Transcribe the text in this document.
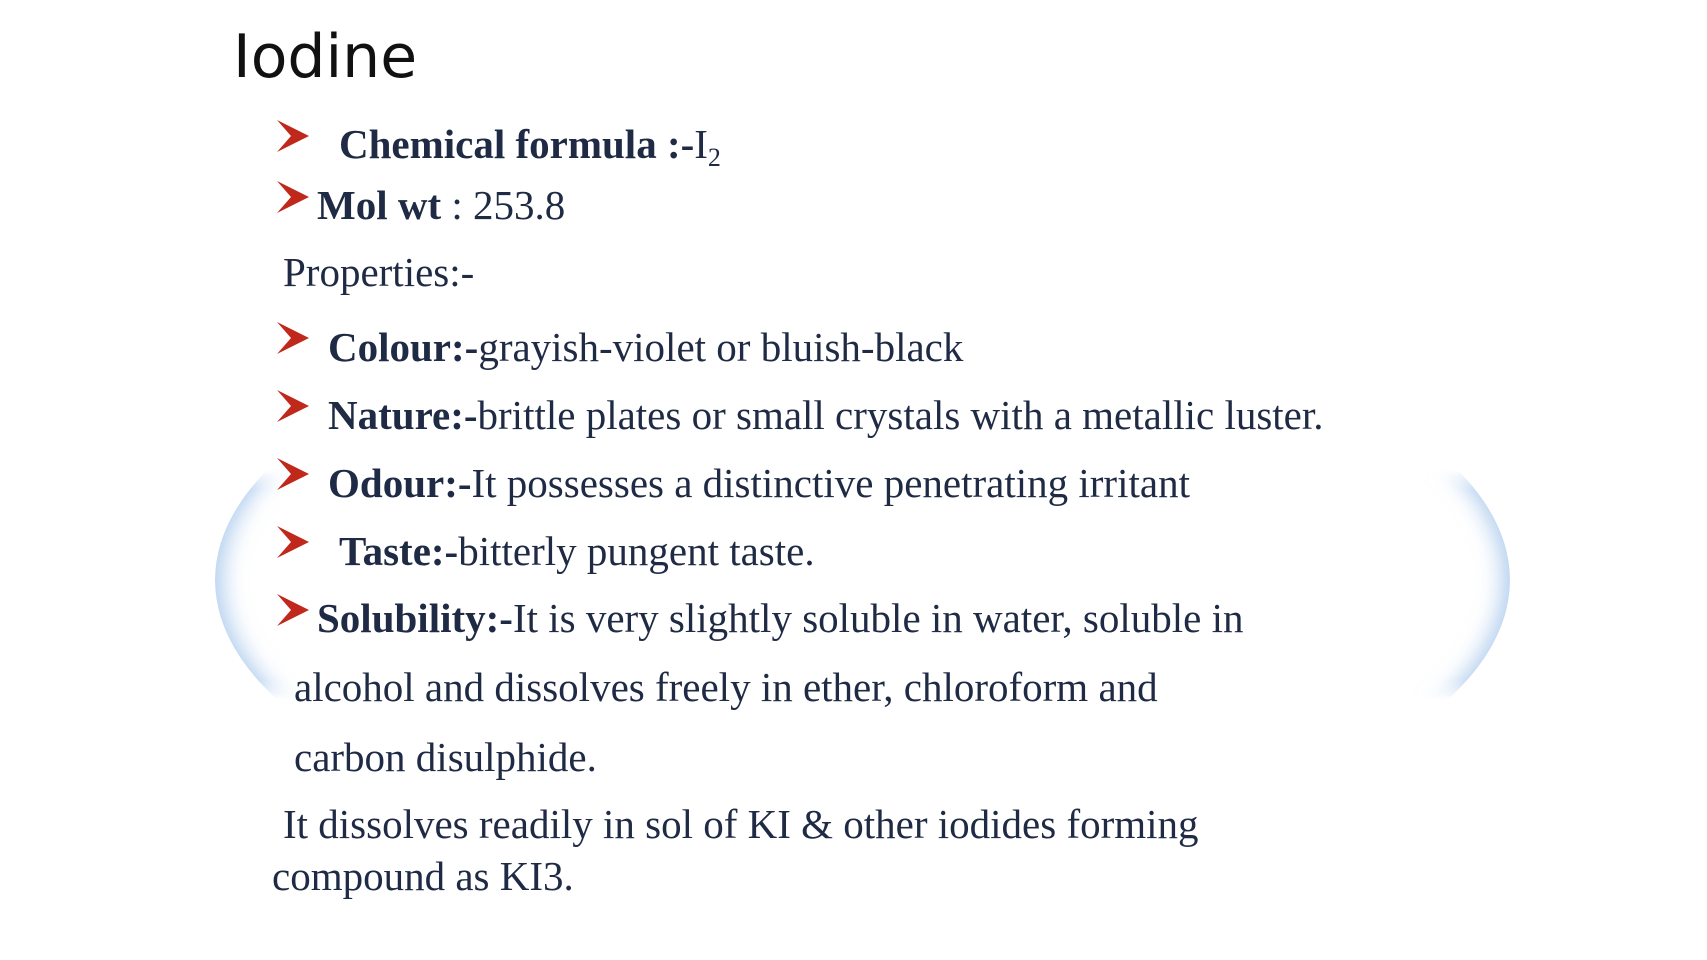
Iodine
Chemical formula $:-I_2$
Mol wt : 253.8
Properties:-
Colour:-grayish-violet or bluish-black
Nature:-brittle plates or small crystals with a metallic luster.
Odour:-It possesses a distinctive penetrating irritant
Taste:-bitterly pungent taste.
Solubility:-It is very slightly soluble in water, soluble in
alcohol and dissolves freely in ether, chloroform and
carbon disulphide.
It dissolves readily in sol of KI & other iodides forming
compound as KI3.
